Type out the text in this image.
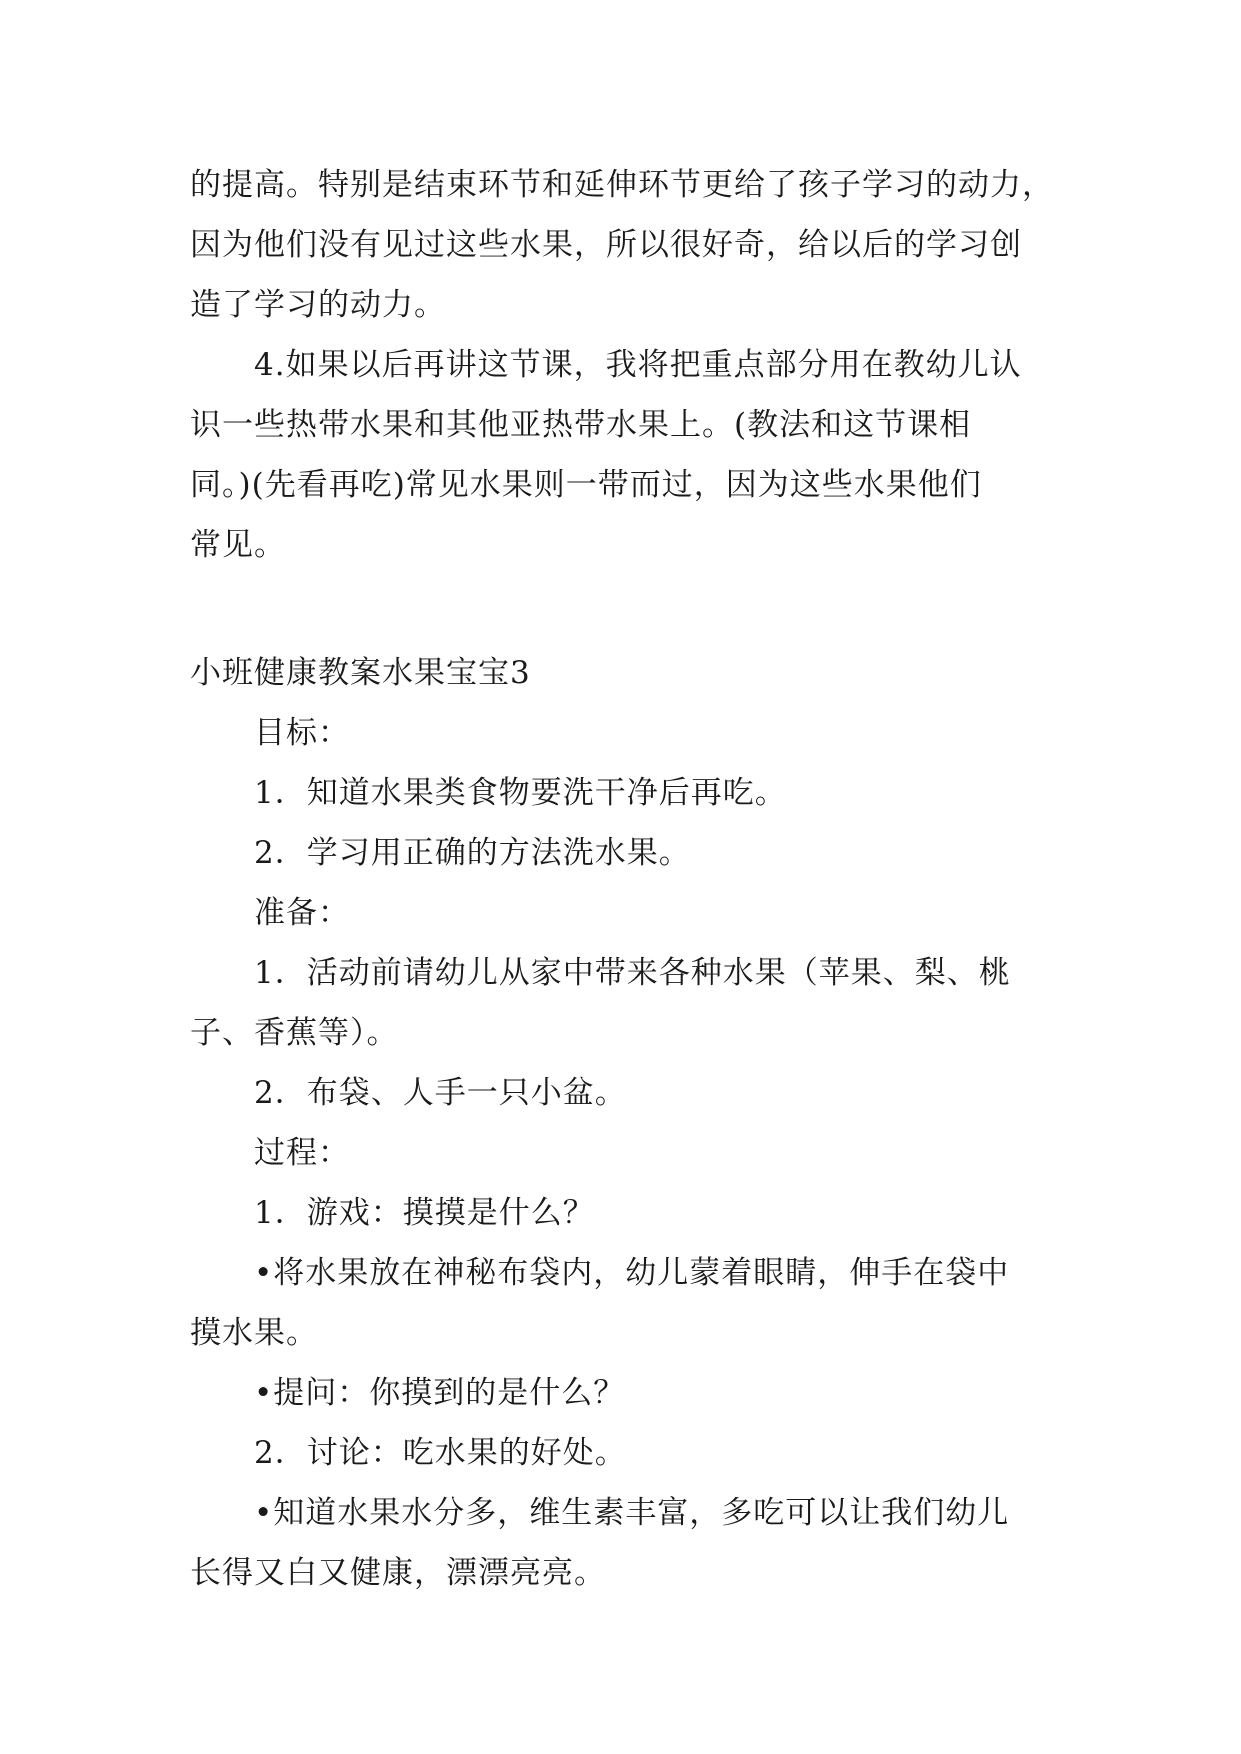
的提高。特别是结束环节和延伸环节更给了孩子学习的动力，
因为他们没有见过这些水果，所以很好奇，给以后的学习创
造了学习的动力。
4.如果以后再讲这节课，我将把重点部分用在教幼儿认
识一些热带水果和其他亚热带水果上。(教法和这节课相
同。)(先看再吃)常见水果则一带而过，因为这些水果他们
常见。
小班健康教案水果宝宝3
目标：
1．知道水果类食物要洗干净后再吃。
2．学习用正确的方法洗水果。
准备：
1．活动前请幼儿从家中带来各种水果（苹果、梨、桃
子、香蕉等）。
2．布袋、人手一只小盆。
过程：
1．游戏：摸摸是什么？
•将水果放在神秘布袋内，幼儿蒙着眼睛，伸手在袋中
摸水果。
•提问：你摸到的是什么？
2．讨论：吃水果的好处。
•知道水果水分多，维生素丰富，多吃可以让我们幼儿
长得又白又健康，漂漂亮亮。
